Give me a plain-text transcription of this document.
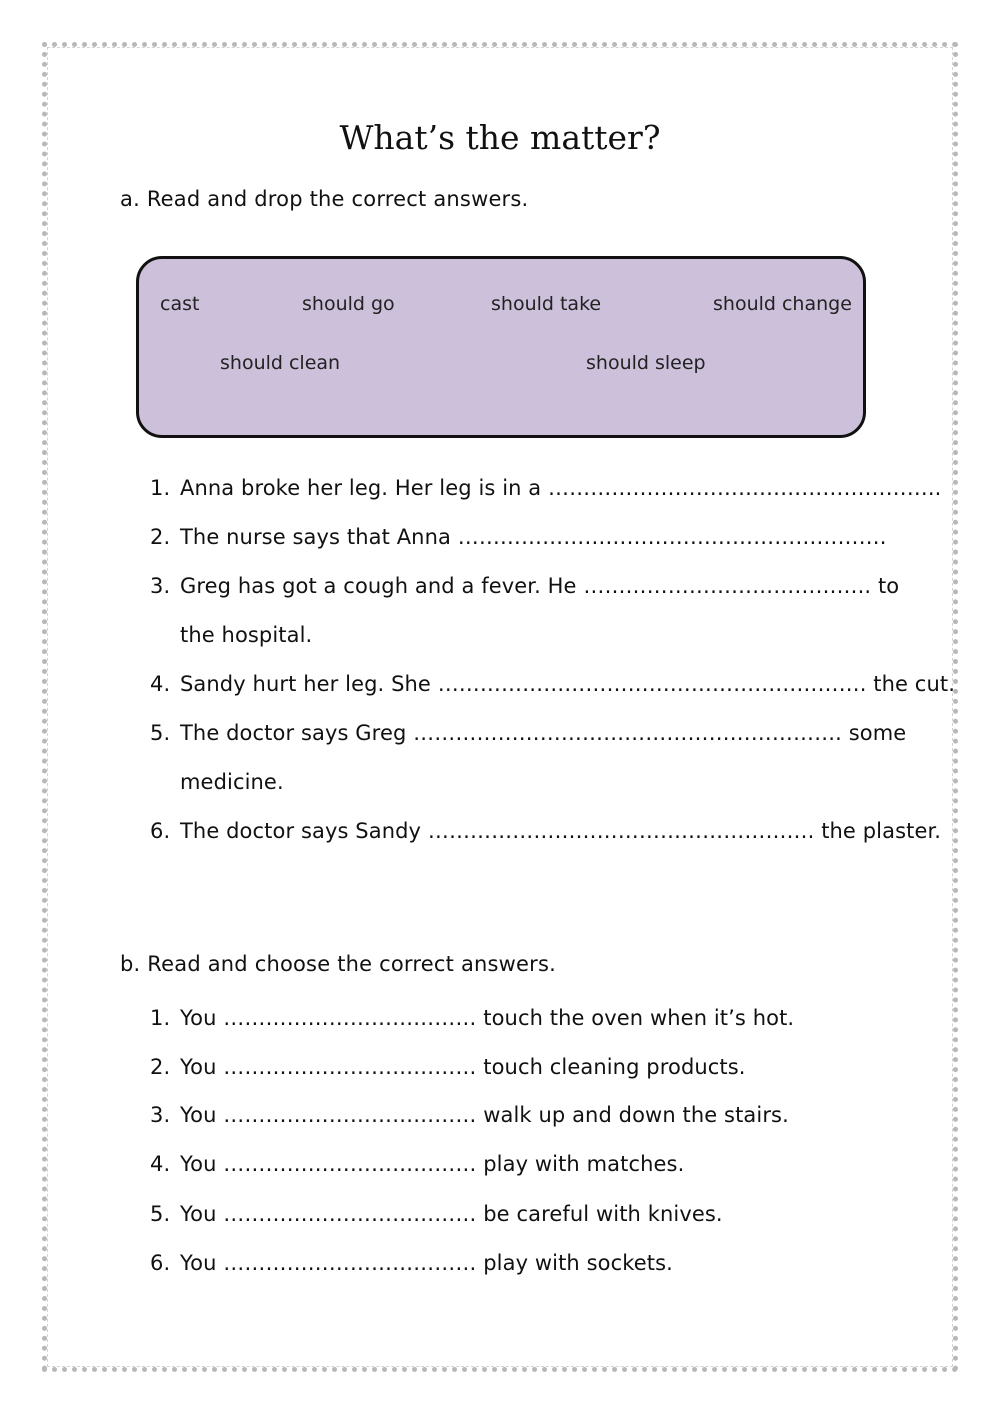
What’s the matter?
a. Read and drop the correct answers.
cast	should go	should take	should change
should clean	should sleep
1. Anna broke her leg. Her leg is in a ………………………………………………..
2. The nurse says that Anna …………………………………………………….
3. Greg has got a cough and a fever. He ………………………………….. to
the hospital.
4. Sandy hurt her leg. She ……………………………………………………. the cut.
5. The doctor says Greg ……………………………………………………. some
medicine.
6. The doctor says Sandy ………………………………………………. the plaster.
b. Read and choose the correct answers.
1. You ……………………………… touch the oven when it’s hot.
2. You ……………………………… touch cleaning products.
3. You ……………………………… walk up and down the stairs.
4. You ……………………………… play with matches.
5. You ……………………………… be careful with knives.
6. You ……………………………… play with sockets.
